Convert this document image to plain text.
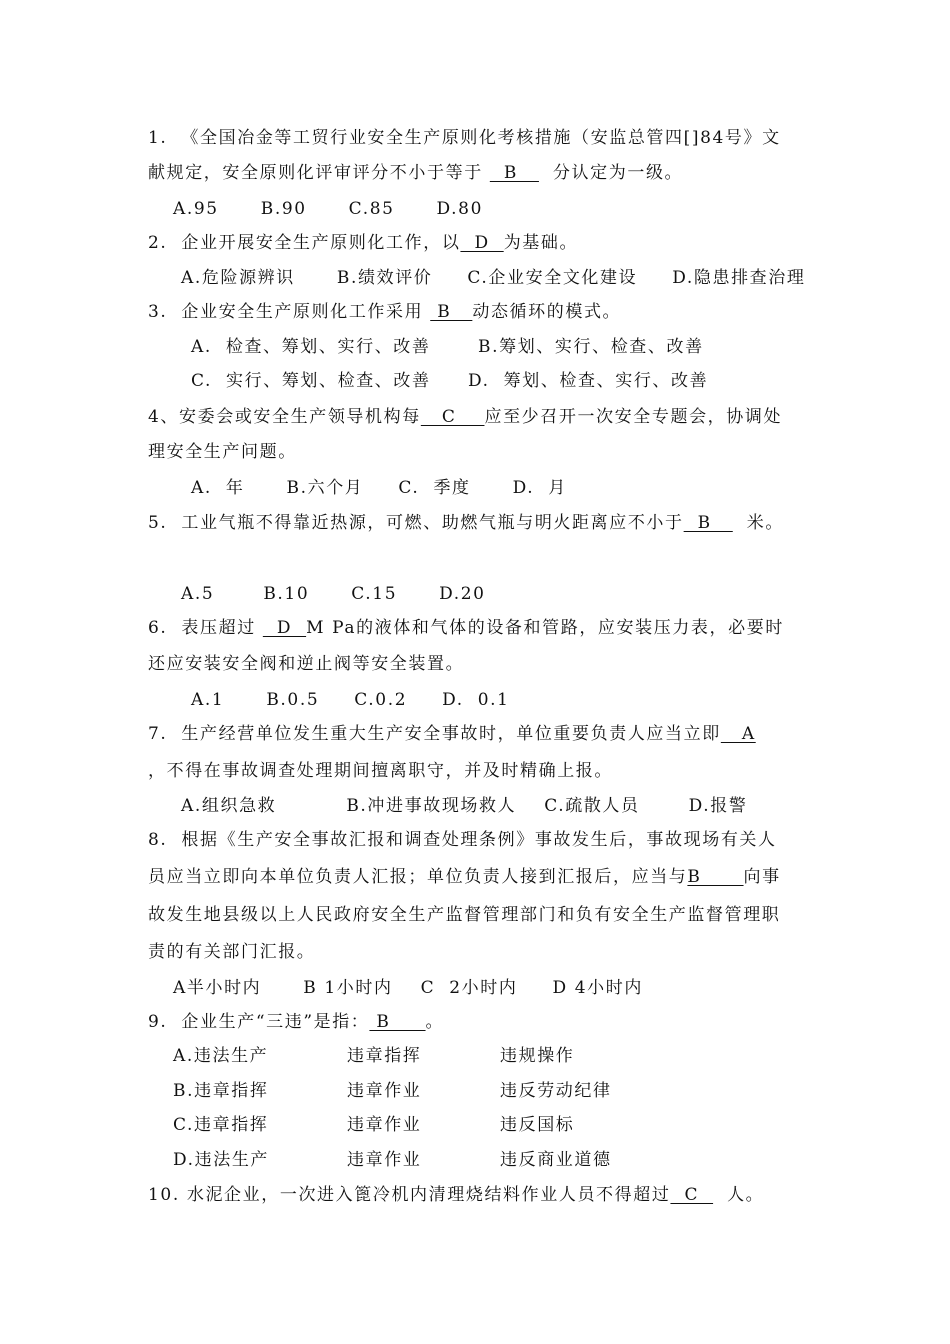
1.  《全国冶金等工贸行业安全生产原则化考核措施（安监总管四[]84号》文
献规定，安全原则化评审评分不小于等于   B     分认定为一级。
A.95      B.90      C.85      D.80
2.  企业开展安全生产原则化工作，以  D  为基础。
A.危险源辨识      B.绩效评价     C.企业安全文化建设     D.隐患排查治理
3.  企业安全生产原则化工作采用  B   动态循环的模式。
A.  检查、筹划、实行、改善	B.筹划、实行、检查、改善
C.  实行、筹划、检查、改善 D.  筹划、检查、实行、改善
4、安委会或安全生产领导机构每   C    应至少召开一次安全专题会，协调处
理安全生产问题。
A.  年      B.六个月     C.  季度      D.  月
5.  工业气瓶不得靠近热源，可燃、助燃气瓶与明火距离应不小于  B     米。
A.5       B.10      C.15      D.20
6.  表压超过   D  M Pa的液体和气体的设备和管路，应安装压力表，必要时
还应安装安全阀和逆止阀等安全装置。
A.1      B.0.5     C.0.2     D.  0.1
7.  生产经营单位发生重大生产安全事故时，单位重要负责人应当立即   A
，不得在事故调查处理期间擅离职守，并及时精确上报。
A.组织急救          B.冲进事故现场救人    C.疏散人员       D.报警
8.  根据《生产安全事故汇报和调查处理条例》事故发生后，事故现场有关人
员应当立即向本单位负责人汇报；单位负责人接到汇报后，应当与B      向事
故发生地县级以上人民政府安全生产监督管理部门和负有安全生产监督管理职
责的有关部门汇报。
A半小时内      B 1小时内    C  2小时内     D 4小时内
9.  企业生产“三违”是指： B     。
A.违法生产	违章指挥	违规操作
B.违章指挥	违章作业	违反劳动纪律
C.违章指挥	违章作业	违反国标
D.违法生产	违章作业	违反商业道德
10. 水泥企业，一次进入篦冷机内清理烧结料作业人员不得超过  C    人。
